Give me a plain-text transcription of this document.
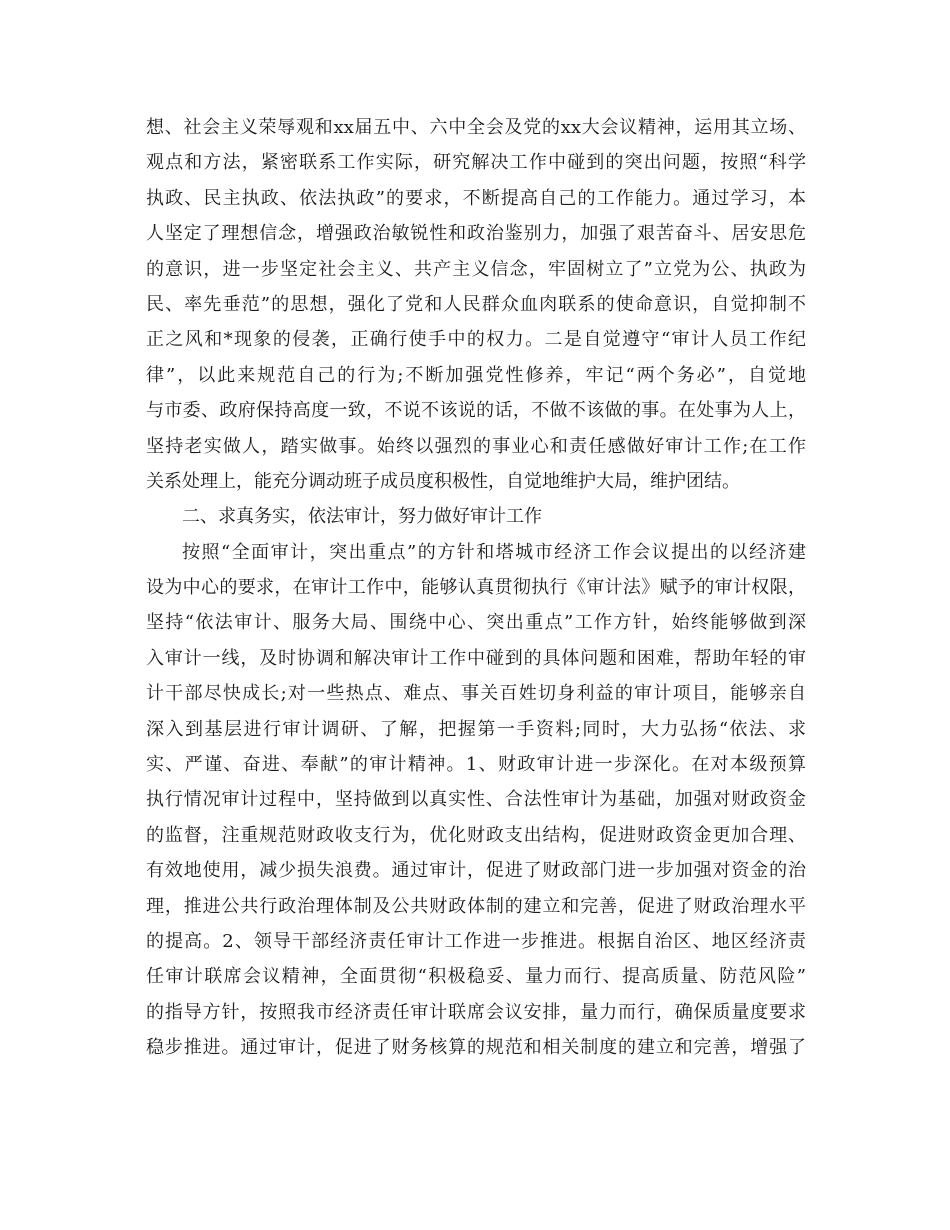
想、社会主义荣辱观和xx届五中、六中全会及党的xx大会议精神，运用其立场、
观点和方法，紧密联系工作实际，研究解决工作中碰到的突出问题，按照“科学
执政、民主执政、依法执政”的要求，不断提高自己的工作能力。通过学习，本
人坚定了理想信念，增强政治敏锐性和政治鉴别力，加强了艰苦奋斗、居安思危
的意识，进一步坚定社会主义、共产主义信念，牢固树立了”立党为公、执政为
民、率先垂范”的思想，强化了党和人民群众血肉联系的使命意识，自觉抑制不
正之风和*现象的侵袭，正确行使手中的权力。二是自觉遵守“审计人员工作纪
律”，以此来规范自己的行为;不断加强党性修养，牢记“两个务必”，自觉地
与市委、政府保持高度一致，不说不该说的话，不做不该做的事。在处事为人上，
坚持老实做人，踏实做事。始终以强烈的事业心和责任感做好审计工作;在工作
关系处理上，能充分调动班子成员度积极性，自觉地维护大局，维护团结。
二、求真务实，依法审计，努力做好审计工作
按照“全面审计，突出重点”的方针和塔城市经济工作会议提出的以经济建
设为中心的要求，在审计工作中，能够认真贯彻执行《审计法》赋予的审计权限，
坚持“依法审计、服务大局、围绕中心、突出重点”工作方针，始终能够做到深
入审计一线，及时协调和解决审计工作中碰到的具体问题和困难，帮助年轻的审
计干部尽快成长;对一些热点、难点、事关百姓切身利益的审计项目，能够亲自
深入到基层进行审计调研、了解，把握第一手资料;同时，大力弘扬“依法、求
实、严谨、奋进、奉献”的审计精神。1、财政审计进一步深化。在对本级预算
执行情况审计过程中，坚持做到以真实性、合法性审计为基础，加强对财政资金
的监督，注重规范财政收支行为，优化财政支出结构，促进财政资金更加合理、
有效地使用，减少损失浪费。通过审计，促进了财政部门进一步加强对资金的治
理，推进公共行政治理体制及公共财政体制的建立和完善，促进了财政治理水平
的提高。2、领导干部经济责任审计工作进一步推进。根据自治区、地区经济责
任审计联席会议精神，全面贯彻“积极稳妥、量力而行、提高质量、防范风险”
的指导方针，按照我市经济责任审计联席会议安排，量力而行，确保质量度要求
稳步推进。通过审计，促进了财务核算的规范和相关制度的建立和完善，增强了
